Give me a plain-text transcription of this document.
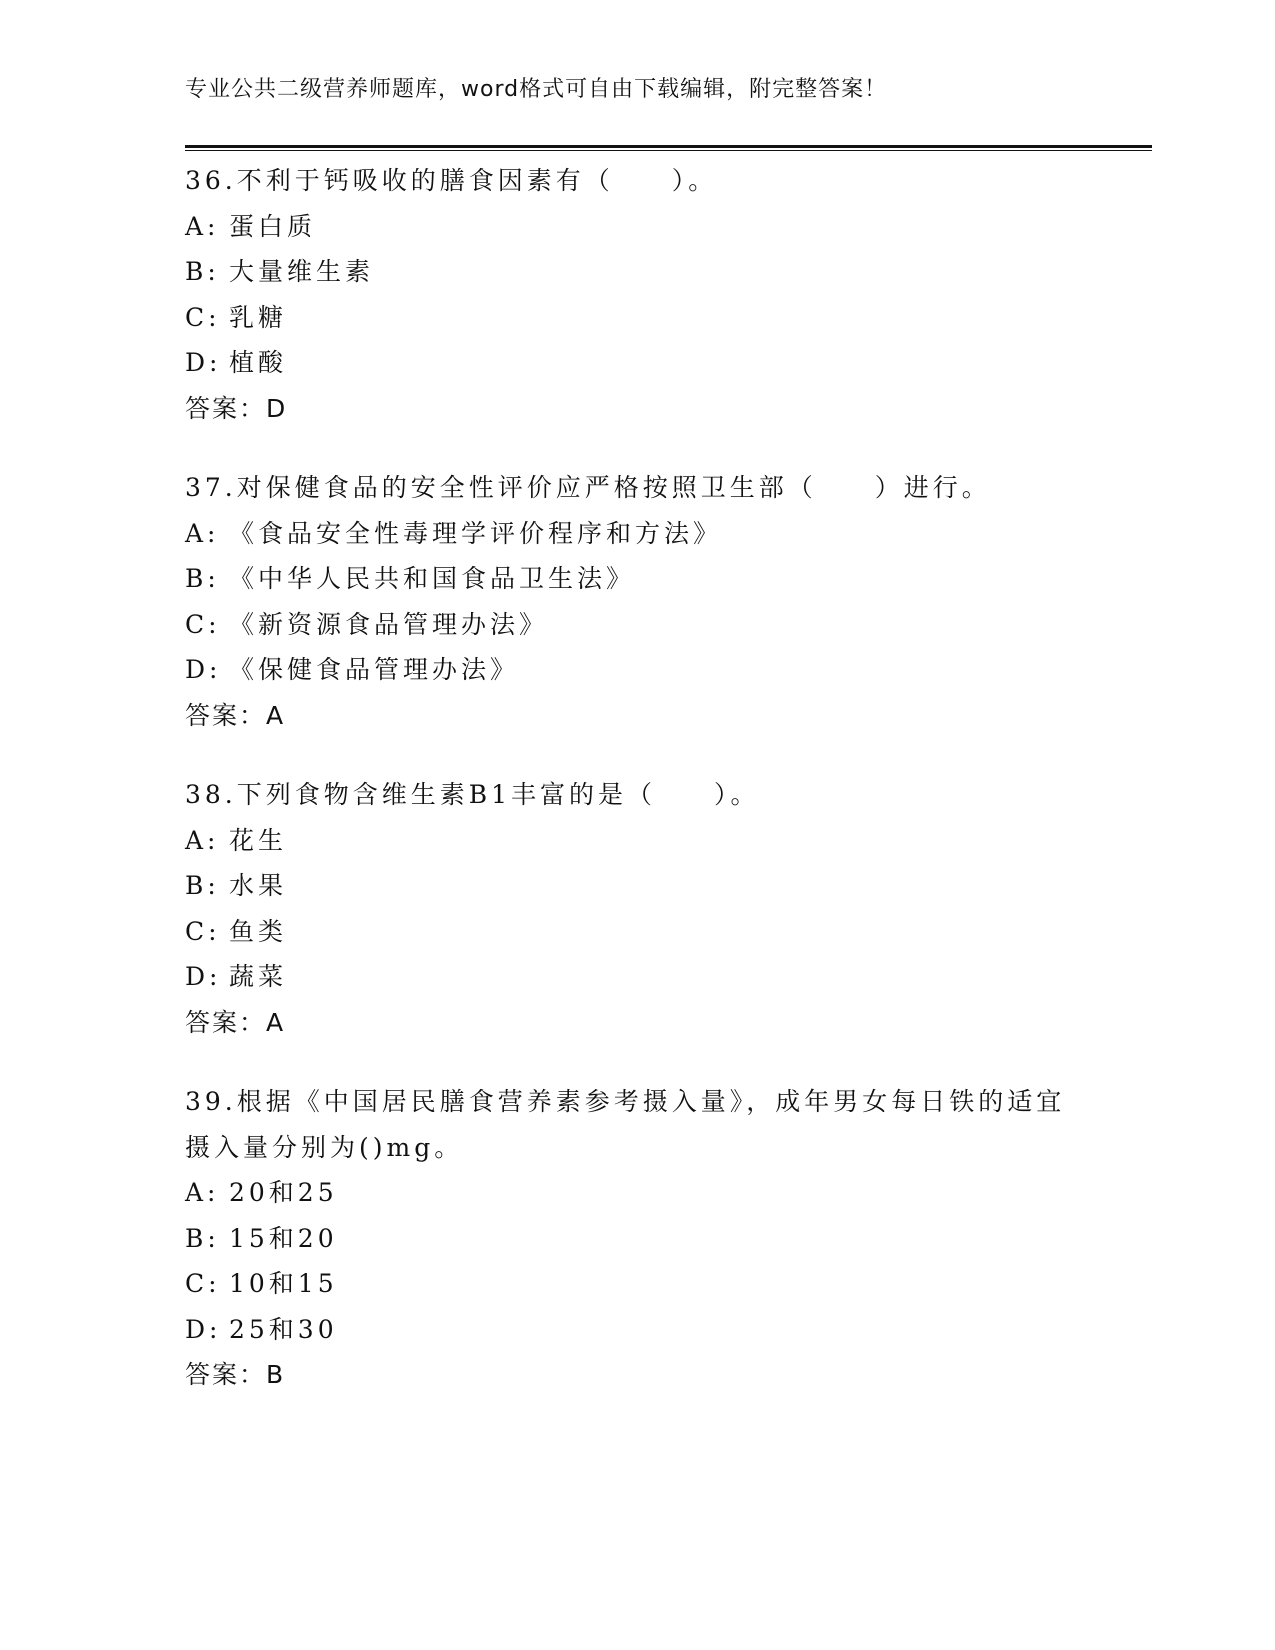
专业公共二级营养师题库，word格式可自由下载编辑，附完整答案！
36.不利于钙吸收的膳食因素有（　　）。
A: 蛋白质
B: 大量维生素
C: 乳糖
D: 植酸
答案：D
37.对保健食品的安全性评价应严格按照卫生部（　　）进行。
A: 《食品安全性毒理学评价程序和方法》
B: 《中华人民共和国食品卫生法》
C: 《新资源食品管理办法》
D: 《保健食品管理办法》
答案：A
38.下列食物含维生素B1丰富的是（　　）。
A: 花生
B: 水果
C: 鱼类
D: 蔬菜
答案：A
39.根据《中国居民膳食营养素参考摄入量》，成年男女每日铁的适宜
摄入量分别为()mg。
A: 20和25
B: 15和20
C: 10和15
D: 25和30
答案：B
